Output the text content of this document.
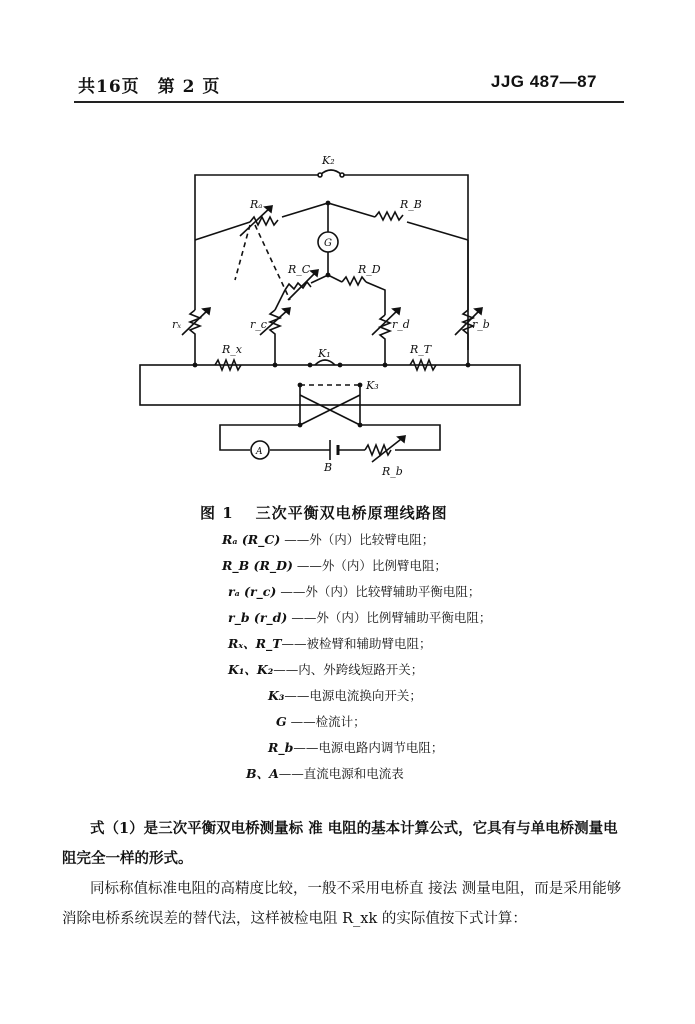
共16页 第 2 页	JJG 487—87
K₂
Rₐ	R_B
G
R_C	R_D
rₓ	r_c	r_d	r_b
R_x	R_T
K₁
K₃
A
B	R_b
图 1 三次平衡双电桥原理线路图
Rₐ (R_C) ——外（内）比较臂电阻；
R_B (R_D) ——外（内）比例臂电阻；
rₐ (r_c) ——外（内）比较臂辅助平衡电阻；
r_b (r_d) ——外（内）比例臂辅助平衡电阻；
Rₓ、R_T——被检臂和辅助臂电阻；
K₁、K₂——内、外跨线短路开关；
K₃——电源电流换向开关；
G ——检流计；
R_b——电源电路内调节电阻；
B、A——直流电源和电流表

式（1）是三次平衡双电桥测量标 准 电阻的基本计算公式，它具有与单电桥测量电阻完全一样的形式。

同标称值标准电阻的高精度比较，一般不采用电桥直 接法 测量电阻，而是采用能够消除电桥系统误差的替代法，这样被检电阻 R_xk 的实际值按下式计算：
